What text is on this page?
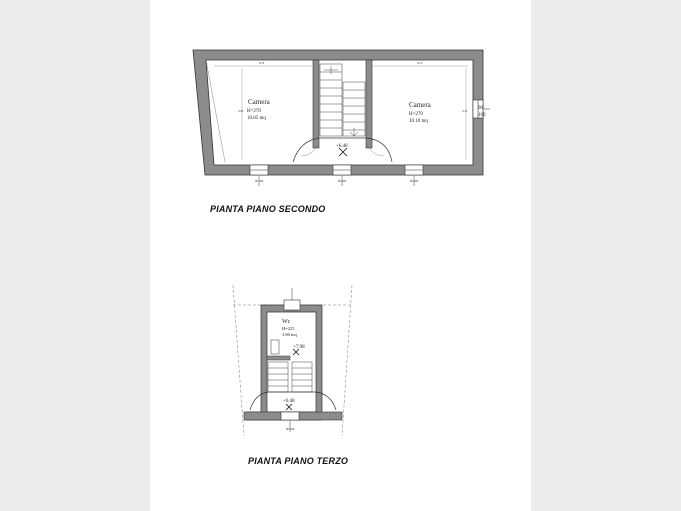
Camera
H=270
10.85 mq
Camera
H=270
10.10 mq
+6.48
4.70	4.15
2.95	2.15 90
160
90 160	90 160	90 160
Wc
H=225
3.80 mq
+7.98
+6.48
90 160
PIANTA PIANO SECONDO
PIANTA PIANO TERZO
